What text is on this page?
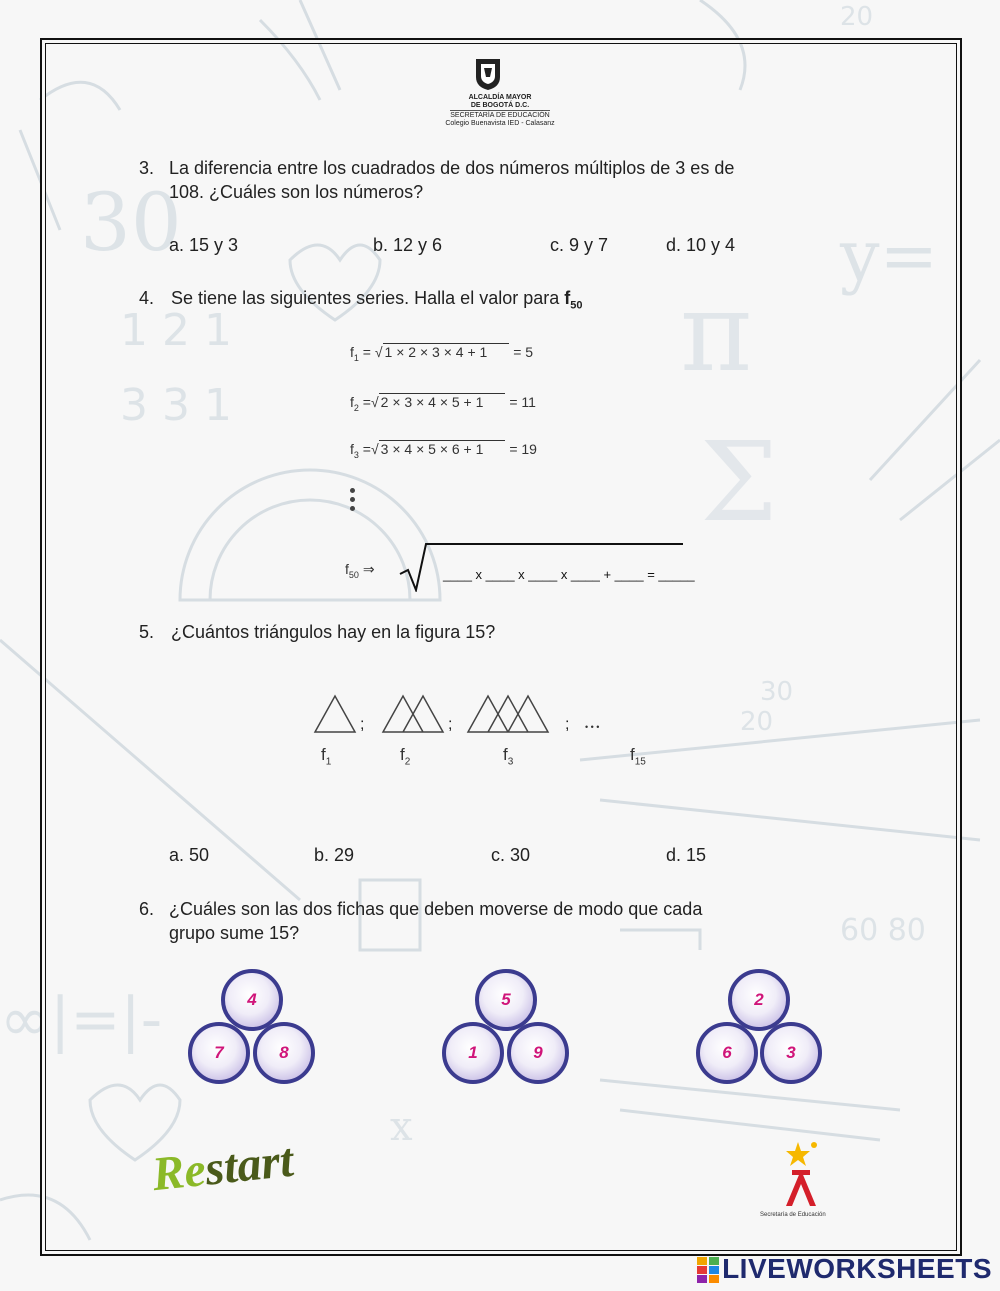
30
π
Σ
1 2 1
3 3 1
30
20
20
60 80
∞|=|-
y=
x
ALCALDÍA MAYOR
DE BOGOTÁ D.C.
SECRETARÍA DE EDUCACIÓN
Colegio Buenavista IED - Calasanz
3. La diferencia entre los cuadrados de dos números múltiplos de 3 es de
108. ¿Cuáles son los números?
a. 15 y 3	b. 12 y 6	c. 9 y 7	d. 10 y 4
4. Se tiene las siguientes series. Halla el valor para $f_{50}$
$f_1$ = √ 1 × 2 × 3 × 4 + 1 = 5
$f_2$ =√ 2 × 3 × 4 × 5 + 1 = 11
$f_3$ =√ 3 × 4 × 5 × 6 + 1 = 19
$f_{50}$ ⇒	____ x ____ x ____ x ____ + ____ = _____
5. ¿Cuántos triángulos hay en la figura 15?
;	;	; • • •
$f_1$	$f_2$	$f_3$	$f_{15}$
a. 50	b. 29	c. 30	d. 15
6. ¿Cuáles son las dos fichas que deben moverse de modo que cada
grupo sume 15?
4
7	8
5
1	9
2
6	3
Restart
Secretaría de Educación
LIVEWORKSHEETS
